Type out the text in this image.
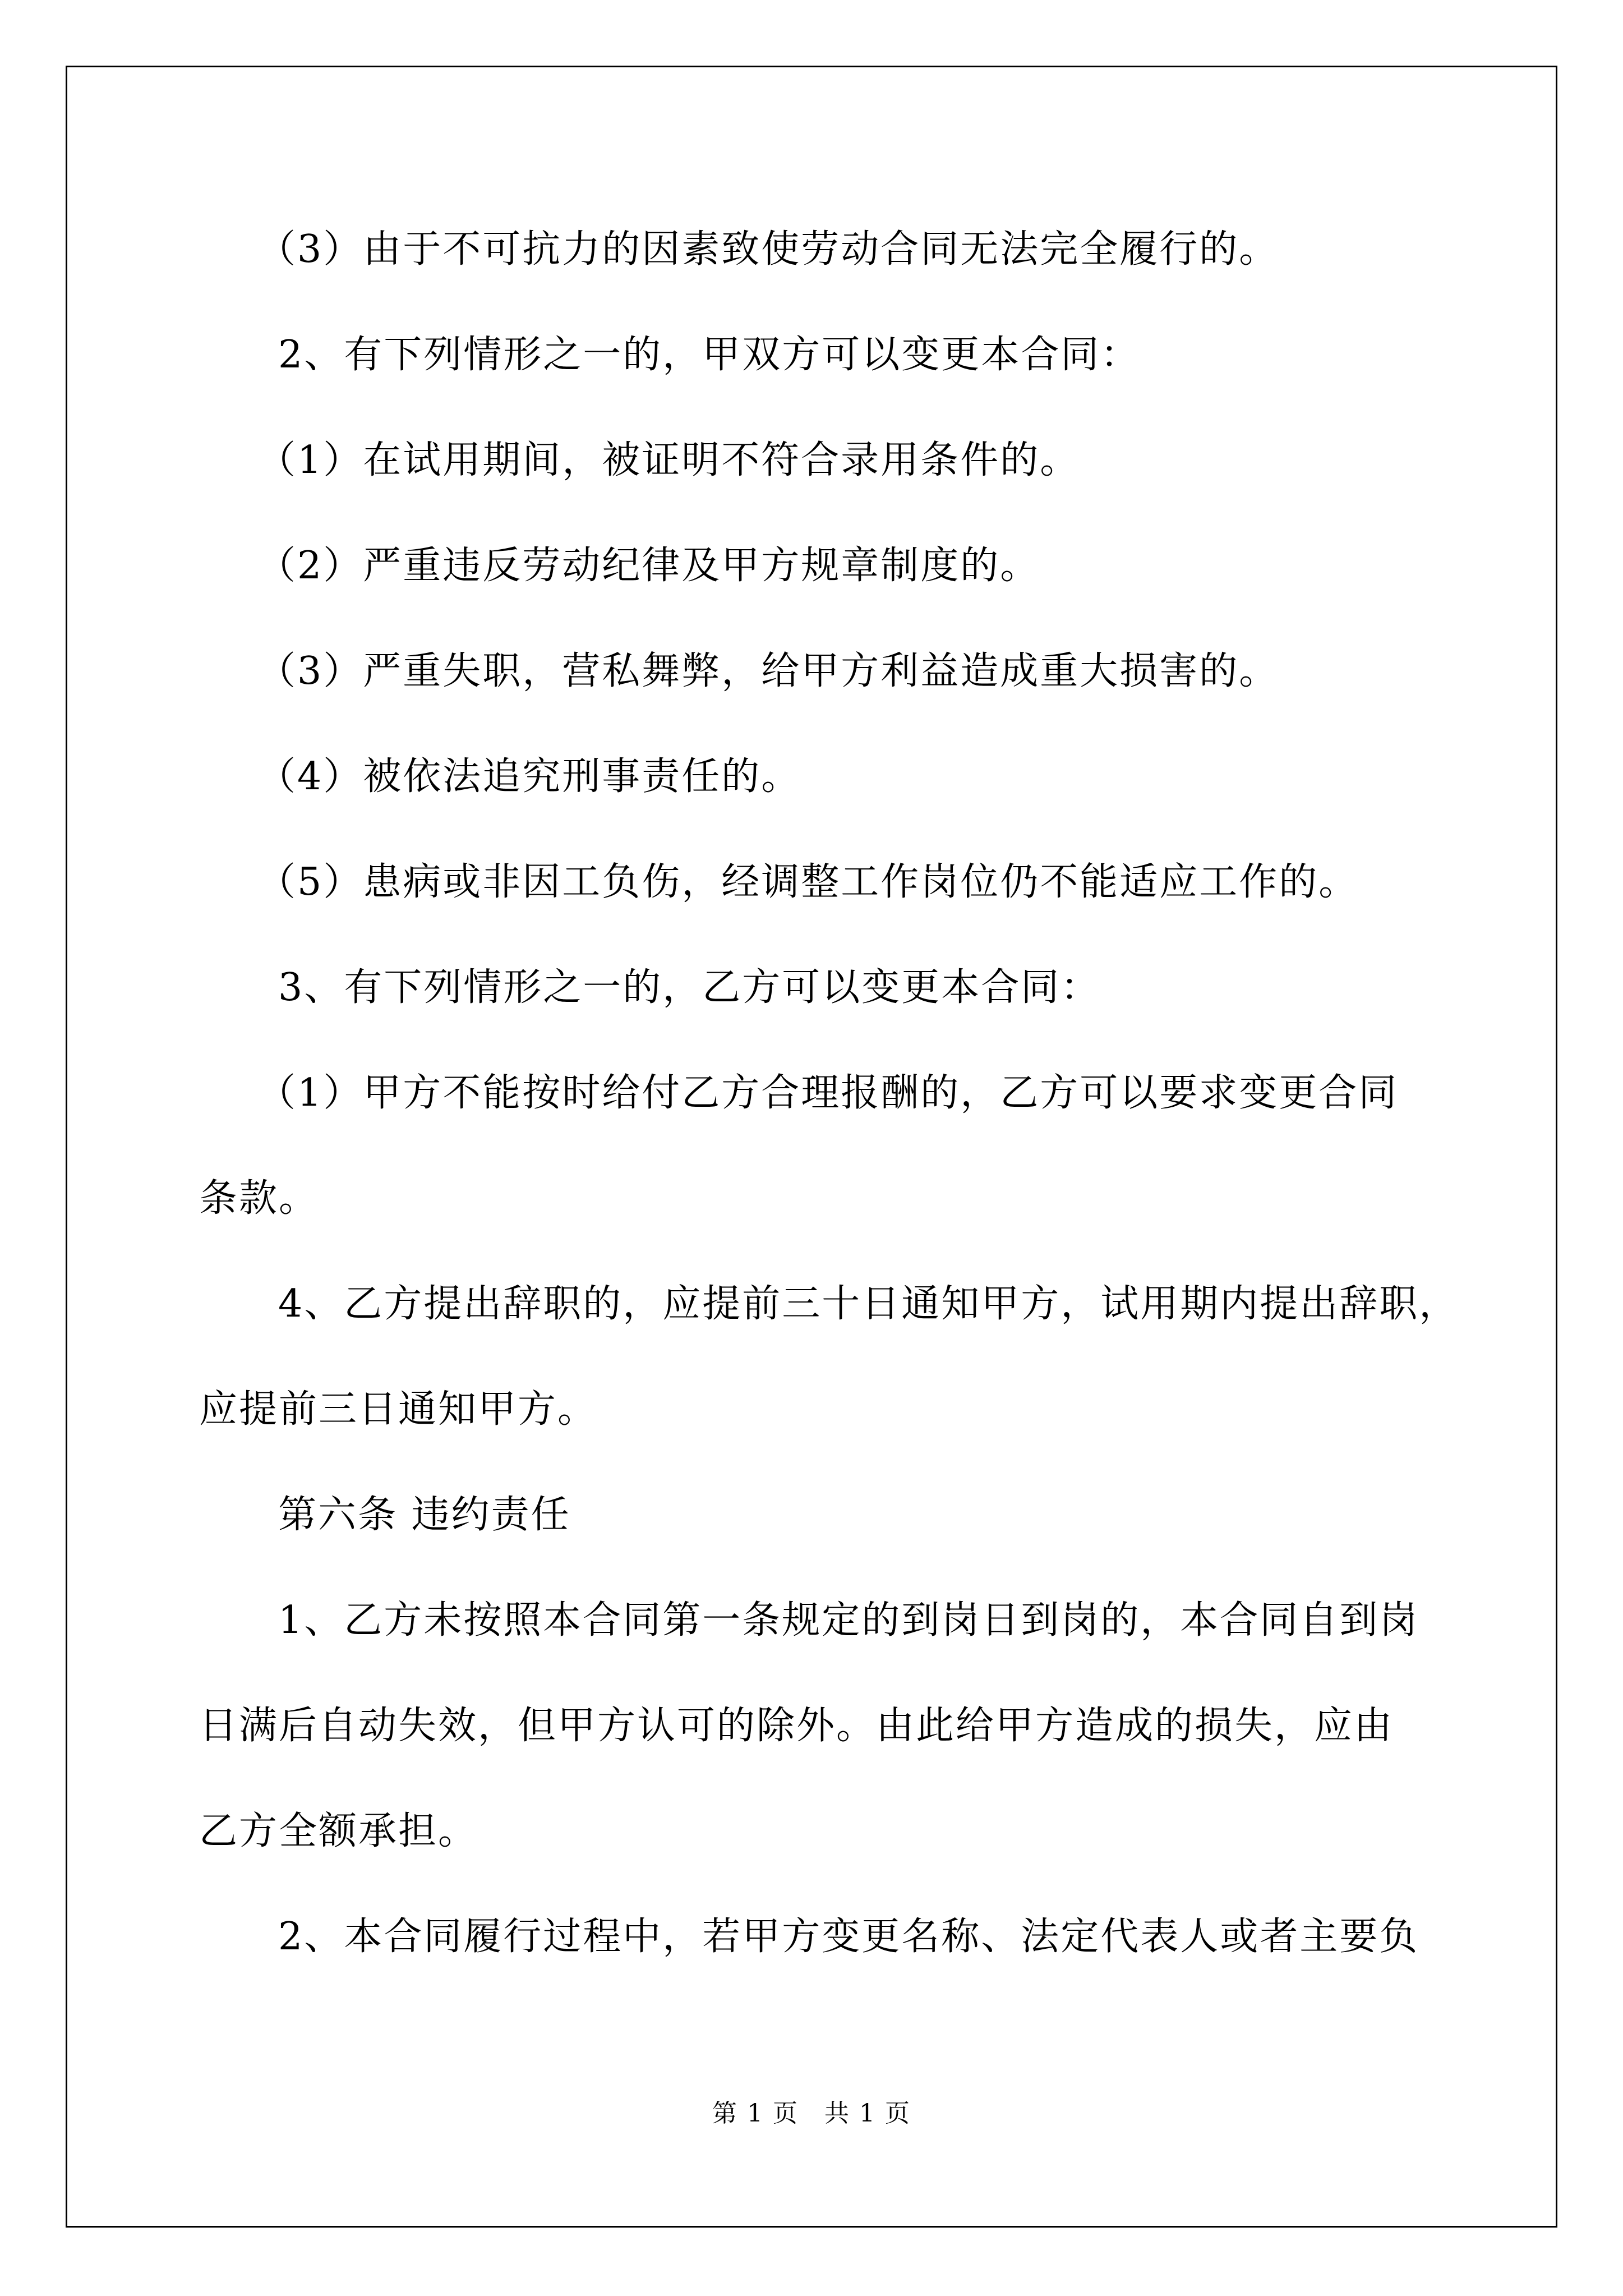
（3）由于不可抗力的因素致使劳动合同无法完全履行的。

2、有下列情形之一的，甲双方可以变更本合同：

（1）在试用期间，被证明不符合录用条件的。

（2）严重违反劳动纪律及甲方规章制度的。

（3）严重失职，营私舞弊，给甲方利益造成重大损害的。

（4）被依法追究刑事责任的。

（5）患病或非因工负伤，经调整工作岗位仍不能适应工作的。

3、有下列情形之一的，乙方可以变更本合同：

（1）甲方不能按时给付乙方合理报酬的，乙方可以要求变更合同

条款。

4、乙方提出辞职的，应提前三十日通知甲方，试用期内提出辞职，

应提前三日通知甲方。

第六条 违约责任

1、乙方未按照本合同第一条规定的到岗日到岗的，本合同自到岗

日满后自动失效，但甲方认可的除外。由此给甲方造成的损失，应由

乙方全额承担。

2、本合同履行过程中，若甲方变更名称、法定代表人或者主要负

第 1 页　共 1 页
